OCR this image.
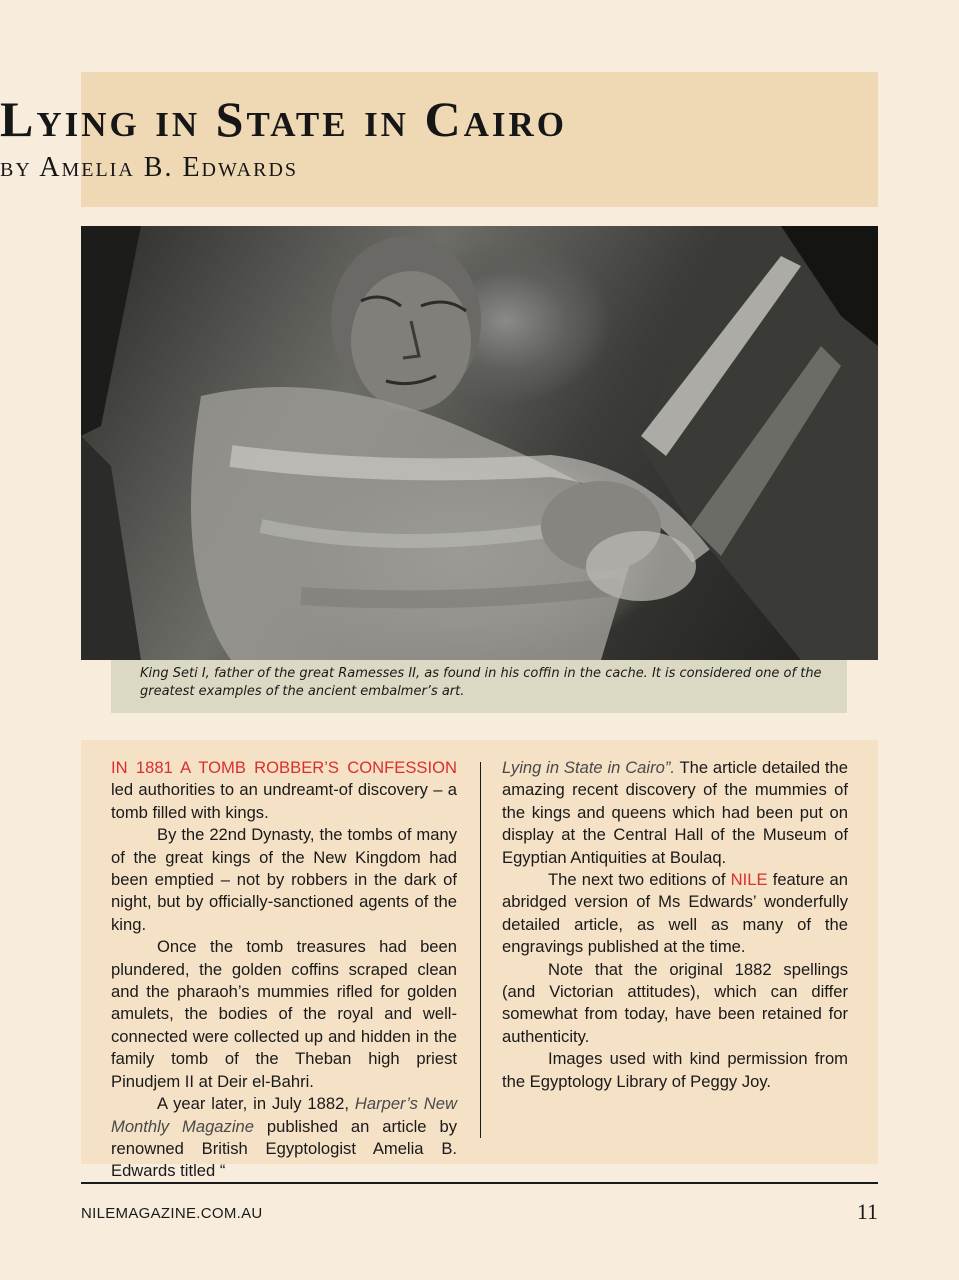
Lying in State in Cairo
by Amelia B. Edwards

King Seti I, father of the great Ramesses II, as found in his coffin in the cache. It is considered one of the greatest examples of the ancient embalmer’s art.

IN 1881 A TOMB ROBBER’S CONFESSION led authorities to an undreamt-of discovery – a tomb filled with kings.

By the 22nd Dynasty, the tombs of many of the great kings of the New Kingdom had been emptied – not by robbers in the dark of night, but by officially-sanctioned agents of the king.

Once the tomb treasures had been plundered, the golden coffins scraped clean and the pharaoh’s mummies rifled for golden amulets, the bodies of the royal and well-connected were collected up and hidden in the family tomb of the Theban high priest Pinudjem II at Deir el-Bahri.

A year later, in July 1882, Harper’s New Monthly Magazine published an article by renowned British Egyptologist Amelia B. Edwards titled “

Lying in State in Cairo”. The article detailed the amazing recent discovery of the mummies of the kings and queens which had been put on display at the Central Hall of the Museum of Egyptian Antiquities at Boulaq.

The next two editions of NILE feature an abridged version of Ms Edwards’ wonderfully detailed article, as well as many of the engravings published at the time.

Note that the original 1882 spellings (and Victorian attitudes), which can differ somewhat from today, have been retained for authenticity.

Images used with kind permission from the Egyptology Library of Peggy Joy.

NILEMAGAZINE.COM.AU	11
